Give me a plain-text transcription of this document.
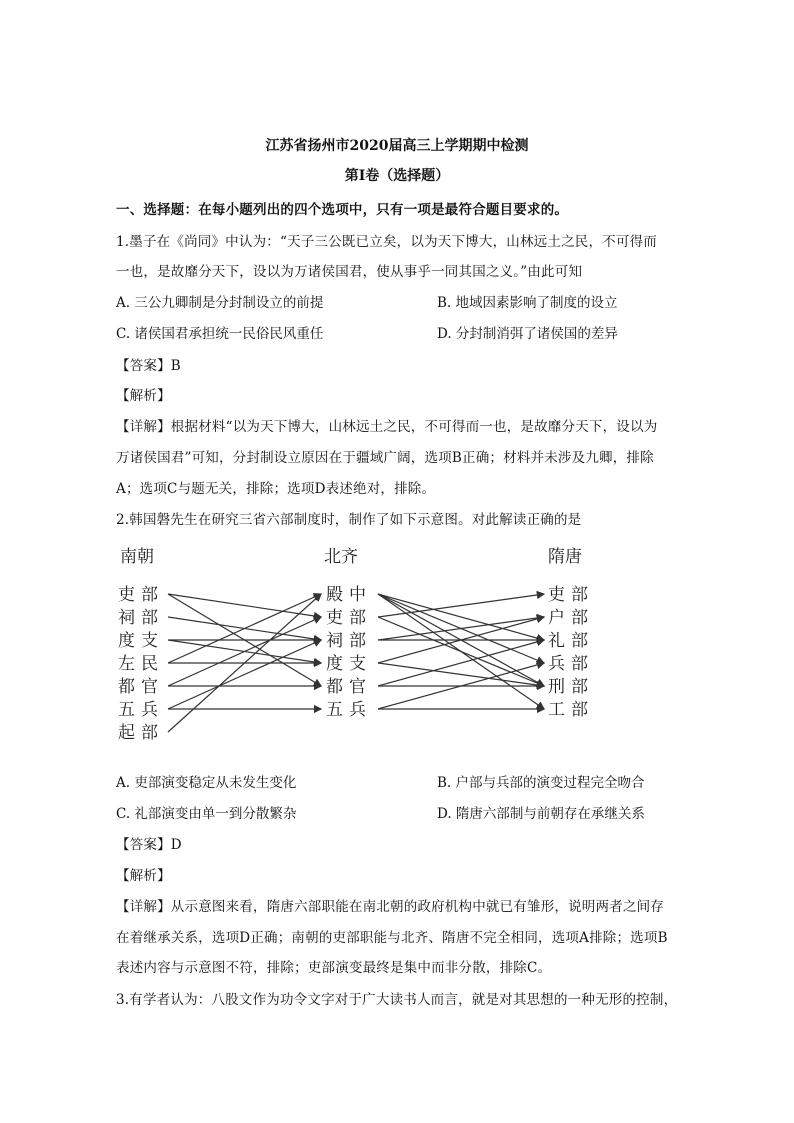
江苏省扬州市2020届高三上学期期中检测
第Ⅰ卷（选择题）
一、选择题：在每小题列出的四个选项中，只有一项是最符合题目要求的。
1.墨子在《尚同》中认为：“天子三公既已立矣，以为天下博大，山林远土之民，不可得而
一也，是故靡分天下，设以为万诸侯国君，使从事乎一同其国之义。”由此可知
A. 三公九卿制是分封制设立的前提	B. 地域因素影响了制度的设立
C. 诸侯国君承担统一民俗民风重任	D. 分封制消弭了诸侯国的差异
【答案】B
【解析】
【详解】根据材料“以为天下博大，山林远土之民，不可得而一也，是故靡分天下，设以为
万诸侯国君”可知，分封制设立原因在于疆域广阔，选项B正确；材料并未涉及九卿，排除
A；选项C与题无关，排除；选项D表述绝对，排除。
2.韩国磐先生在研究三省六部制度时，制作了如下示意图。对此解读正确的是
南朝	北齐	隋唐
吏部
祠部
度支
左民
都官
五兵
起部
殿中
吏部
祠部
度支
都官
五兵
吏部
户部
礼部
兵部
刑部
工部
A. 吏部演变稳定从未发生变化	B. 户部与兵部的演变过程完全吻合
C. 礼部演变由单一到分散繁杂	D. 隋唐六部制与前朝存在承继关系
【答案】D
【解析】
【详解】从示意图来看，隋唐六部职能在南北朝的政府机构中就已有雏形，说明两者之间存
在着继承关系，选项D正确；南朝的吏部职能与北齐、隋唐不完全相同，选项A排除；选项B
表述内容与示意图不符，排除；吏部演变最终是集中而非分散，排除C。
3.有学者认为：八股文作为功令文字对于广大读书人而言，就是对其思想的一种无形的控制，
